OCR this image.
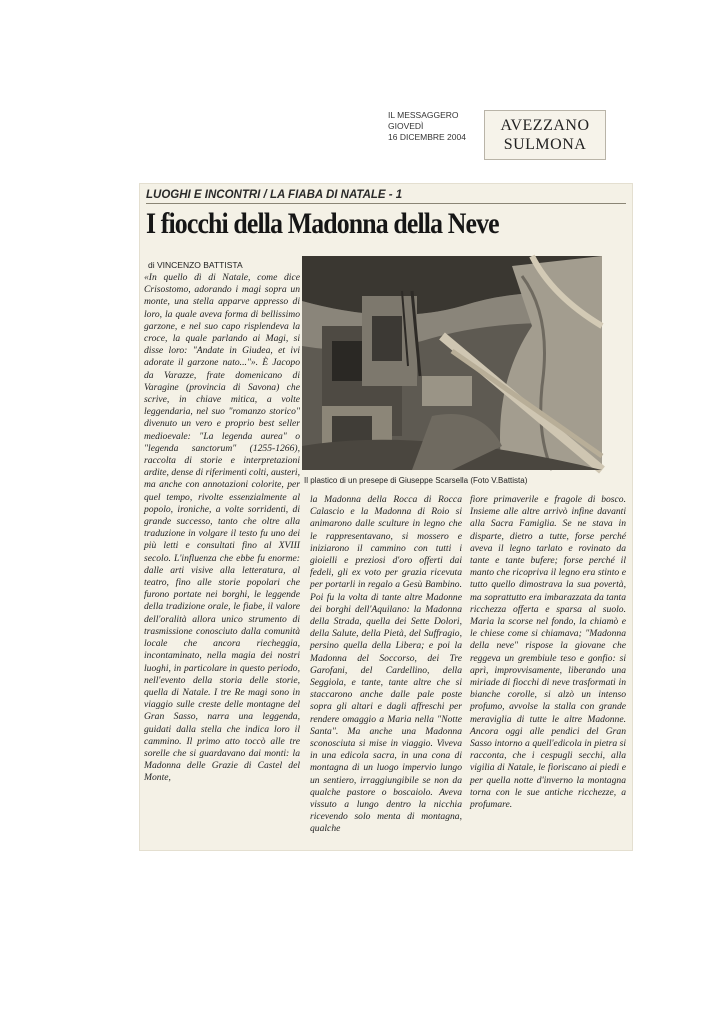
IL MESSAGGERO
GIOVEDÌ
16 DICEMBRE 2004
AVEZZANO
SULMONA
LUOGHI E INCONTRI / LA FIABA DI NATALE - 1
I fiocchi della Madonna della Neve
di VINCENZO BATTISTA
«In quello dì di Natale, come dice Crisostomo, adorando i magi sopra un monte, una stella apparve appresso di loro, la quale aveva forma di bellissimo garzone, e nel suo capo risplendeva la croce, la quale parlando ai Magi, si disse loro: "Andate in Giudea, et ivi adorate il garzone nato..."». È Jacopo da Varazze, frate domenicano di Varagine (provincia di Savona) che scrive, in chiave mitica, a volte leggendaria, nel suo "romanzo storico" divenuto un vero e proprio best seller medioevale: "La legenda aurea" o "legenda sanctorum" (1255-1266), raccolta di storie e interpretazioni ardite, dense di riferimenti colti, austeri, ma anche con annotazioni colorite, per quel tempo, rivolte essenzialmente al popolo, ironiche, a volte sorridenti, di grande successo, tanto che oltre alla traduzione in volgare il testo fu uno dei più letti e consultati fino al XVIII secolo. L'influenza che ebbe fu enorme: dalle arti visive alla letteratura, al teatro, fino alle storie popolari che furono portate nei borghi, le leggende della tradizione orale, le fiabe, il valore dell'oralità allora unico strumento di trasmissione conosciuto dalla comunità locale che ancora riecheggia, incontaminato, nella magia dei nostri luoghi, in particolare in questo periodo, nell'evento della storia delle storie, quella di Natale. I tre Re magi sono in viaggio sulle creste delle montagne del Gran Sasso, narra una leggenda, guidati dalla stella che indica loro il cammino. Il primo atto toccò alle tre sorelle che si guardavano dai monti: la Madonna delle Grazie di Castel del Monte,
Il plastico di un presepe di Giuseppe Scarsella (Foto V.Battista)
la Madonna della Rocca di Rocca Calascio e la Madonna di Roio si animarono dalle sculture in legno che le rappresentavano, si mossero e iniziarono il cammino con tutti i gioielli e preziosi d'oro offerti dai fedeli, gli ex voto per grazia ricevuta per portarli in regalo a Gesù Bambino. Poi fu la volta di tante altre Madonne dei borghi dell'Aquilano: la Madonna della Strada, quella dei Sette Dolori, della Salute, della Pietà, del Suffragio, persino quella della Libera; e poi la Madonna del Soccorso, dei Tre Garofani, del Cardellino, della Seggiola, e tante, tante altre che si staccarono anche dalle pale poste sopra gli altari e dagli affreschi per rendere omaggio a Maria nella "Notte Santa". Ma anche una Madonna sconosciuta si mise in viaggio. Viveva in una edicola sacra, in una cona di montagna di un luogo impervio lungo un sentiero, irraggiungibile se non da qualche pastore o boscaiolo. Aveva vissuto a lungo dentro la nicchia ricevendo solo menta di montagna, qualche
fiore primaverile e fragole di bosco. Insieme alle altre arrivò infine davanti alla Sacra Famiglia. Se ne stava in disparte, dietro a tutte, forse perché aveva il legno tarlato e rovinato da tante e tante bufere; forse perché il manto che ricopriva il legno era stinto e tutto quello dimostrava la sua povertà, ma soprattutto era imbarazzata da tanta ricchezza offerta e sparsa al suolo. Maria la scorse nel fondo, la chiamò e le chiese come si chiamava; "Madonna della neve" rispose la giovane che reggeva un grembiule teso e gonfio: si aprì, improvvisamente, liberando una miriade di fiocchi di neve trasformati in bianche corolle, si alzò un intenso profumo, avvolse la stalla con grande meraviglia di tutte le altre Madonne. Ancora oggi alle pendici del Gran Sasso intorno a quell'edicola in pietra si racconta, che i cespugli secchi, alla vigilia di Natale, le fioriscano ai piedi e per quella notte d'inverno la montagna torna con le sue antiche ricchezze, a profumare.
